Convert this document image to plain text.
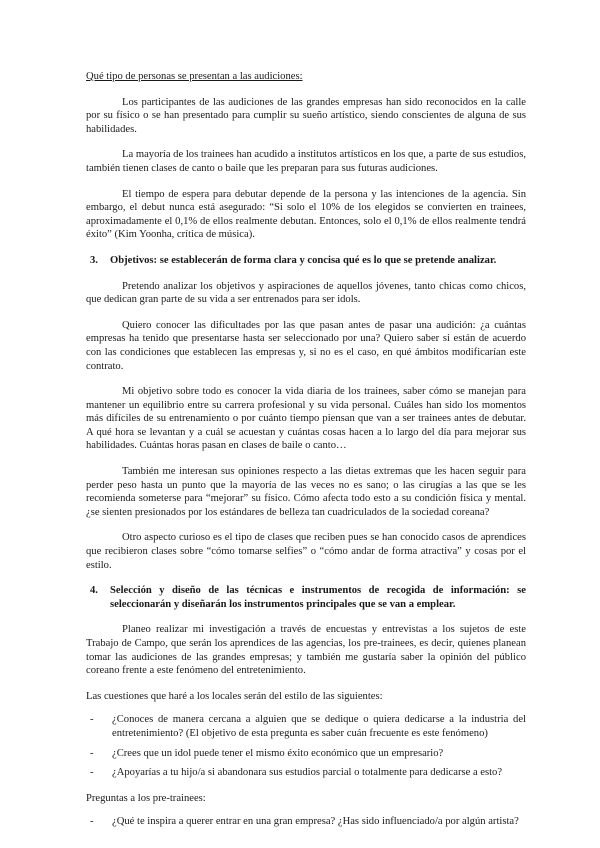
Qué tipo de personas se presentan a las audiciones:

Los participantes de las audiciones de las grandes empresas han sido reconocidos en la calle por su físico o se han presentado para cumplir su sueño artístico, siendo conscientes de alguna de sus habilidades.

La mayoría de los trainees han acudido a institutos artísticos en los que, a parte de sus estudios, también tienen clases de canto o baile que les preparan para sus futuras audiciones.

El tiempo de espera para debutar depende de la persona y las intenciones de la agencia. Sin embargo, el debut nunca está asegurado: “Si solo el 10% de los elegidos se convierten en trainees, aproximadamente el 0,1% de ellos realmente debutan. Entonces, solo el 0,1% de ellos realmente tendrá éxito” (Kim Yoonha, crítica de música).

3.	Objetivos: se establecerán de forma clara y concisa qué es lo que se pretende analizar.

Pretendo analizar los objetivos y aspiraciones de aquellos jóvenes, tanto chicas como chicos, que dedican gran parte de su vida a ser entrenados para ser idols.

Quiero conocer las dificultades por las que pasan antes de pasar una audición: ¿a cuántas empresas ha tenido que presentarse hasta ser seleccionado por una? Quiero saber si están de acuerdo con las condiciones que establecen las empresas y, si no es el caso, en qué ámbitos modificarían este contrato.

Mi objetivo sobre todo es conocer la vida diaria de los trainees, saber cómo se manejan para mantener un equilibrio entre su carrera profesional y su vida personal. Cuáles han sido los momentos más difíciles de su entrenamiento o por cuánto tiempo piensan que van a ser trainees antes de debutar. A qué hora se levantan y a cuál se acuestan y cuántas cosas hacen a lo largo del día para mejorar sus habilidades. Cuántas horas pasan en clases de baile o canto…

También me interesan sus opiniones respecto a las dietas extremas que les hacen seguir para perder peso hasta un punto que la mayoría de las veces no es sano; o las cirugías a las que se les recomienda someterse para “mejorar” su físico. Cómo afecta todo esto a su condición física y mental. ¿se sienten presionados por los estándares de belleza tan cuadriculados de la sociedad coreana?

Otro aspecto curioso es el tipo de clases que reciben pues se han conocido casos de aprendices que recibieron clases sobre “cómo tomarse selfies” o “cómo andar de forma atractiva” y cosas por el estilo.

4.	Selección y diseño de las técnicas e instrumentos de recogida de información: se seleccionarán y diseñarán los instrumentos principales que se van a emplear.

Planeo realizar mi investigación a través de encuestas y entrevistas a los sujetos de este Trabajo de Campo, que serán los aprendices de las agencias, los pre-trainees, es decir, quienes planean tomar las audiciones de las grandes empresas; y también me gustaría saber la opinión del público coreano frente a este fenómeno del entretenimiento.

Las cuestiones que haré a los locales serán del estilo de las siguientes:

-	¿Conoces de manera cercana a alguien que se dedique o quiera dedicarse a la industria del entretenimiento? (El objetivo de esta pregunta es saber cuán frecuente es este fenómeno)
-	¿Crees que un idol puede tener el mismo éxito económico que un empresario?
-	¿Apoyarías a tu hijo/a si abandonara sus estudios parcial o totalmente para dedicarse a esto?

Preguntas a los pre-trainees:

-	¿Qué te inspira a querer entrar en una gran empresa? ¿Has sido influenciado/a por algún artista?
